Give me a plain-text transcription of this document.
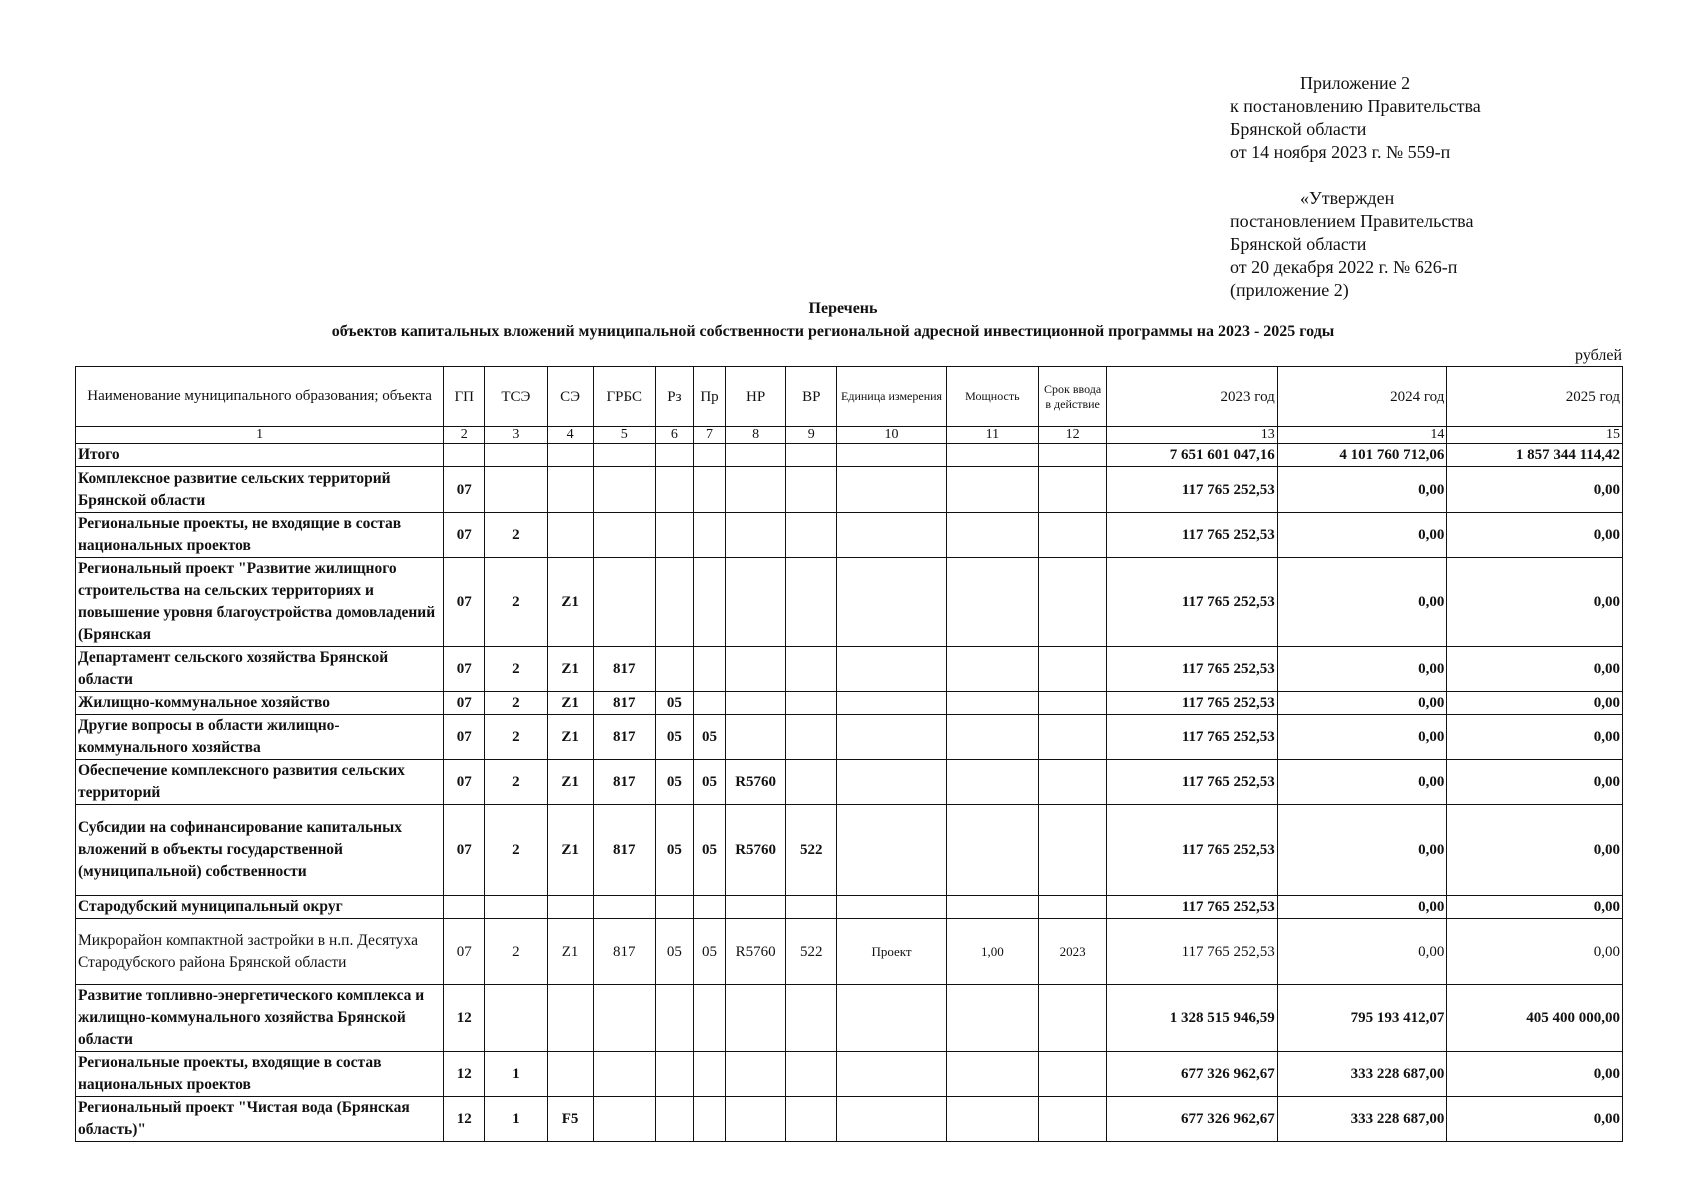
Приложение 2
к постановлению Правительства
Брянской области
от 14 ноября 2023 г. № 559-п
«Утвержден
постановлением Правительства
Брянской области
от 20 декабря 2022 г. № 626-п
(приложение 2)
Перечень
объектов капитальных вложений муниципальной собственности региональной адресной инвестиционной программы на 2023 - 2025 годы
рублей
Наименование муниципального образования; объекта	ГП	ТСЭ	СЭ	ГРБС	Рз	Пр	НР	ВР	Единица измерения	Мощность	Срок ввода в действие	2023 год	2024 год	2025 год
1	2	3	4	5	6	7	8	9	10	11	12	13	14	15
Итого												7 651 601 047,16	4 101 760 712,06	1 857 344 114,42
Комплексное развитие сельских территорий Брянской области	07											117 765 252,53	0,00	0,00
Региональные проекты, не входящие в состав национальных проектов	07	2										117 765 252,53	0,00	0,00
Региональный проект "Развитие жилищного строительства на сельских территориях и повышение уровня благоустройства домовладений (Брянская	07	2	Z1									117 765 252,53	0,00	0,00
Департамент сельского хозяйства Брянской области	07	2	Z1	817								117 765 252,53	0,00	0,00
Жилищно-коммунальное хозяйство	07	2	Z1	817	05							117 765 252,53	0,00	0,00
Другие вопросы в области жилищно-коммунального хозяйства	07	2	Z1	817	05	05						117 765 252,53	0,00	0,00
Обеспечение комплексного развития сельских территорий	07	2	Z1	817	05	05	R5760					117 765 252,53	0,00	0,00
Субсидии на софинансирование капитальных вложений в объекты государственной (муниципальной) собственности	07	2	Z1	817	05	05	R5760	522				117 765 252,53	0,00	0,00
Стародубский муниципальный округ												117 765 252,53	0,00	0,00
Микрорайон компактной застройки в н.п. Десятуха Стародубского района Брянской области	07	2	Z1	817	05	05	R5760	522	Проект	1,00	2023	117 765 252,53	0,00	0,00
Развитие топливно-энергетического комплекса и жилищно-коммунального хозяйства Брянской области	12											1 328 515 946,59	795 193 412,07	405 400 000,00
Региональные проекты, входящие в состав национальных проектов	12	1										677 326 962,67	333 228 687,00	0,00
Региональный проект "Чистая вода (Брянская область)"	12	1	F5									677 326 962,67	333 228 687,00	0,00
